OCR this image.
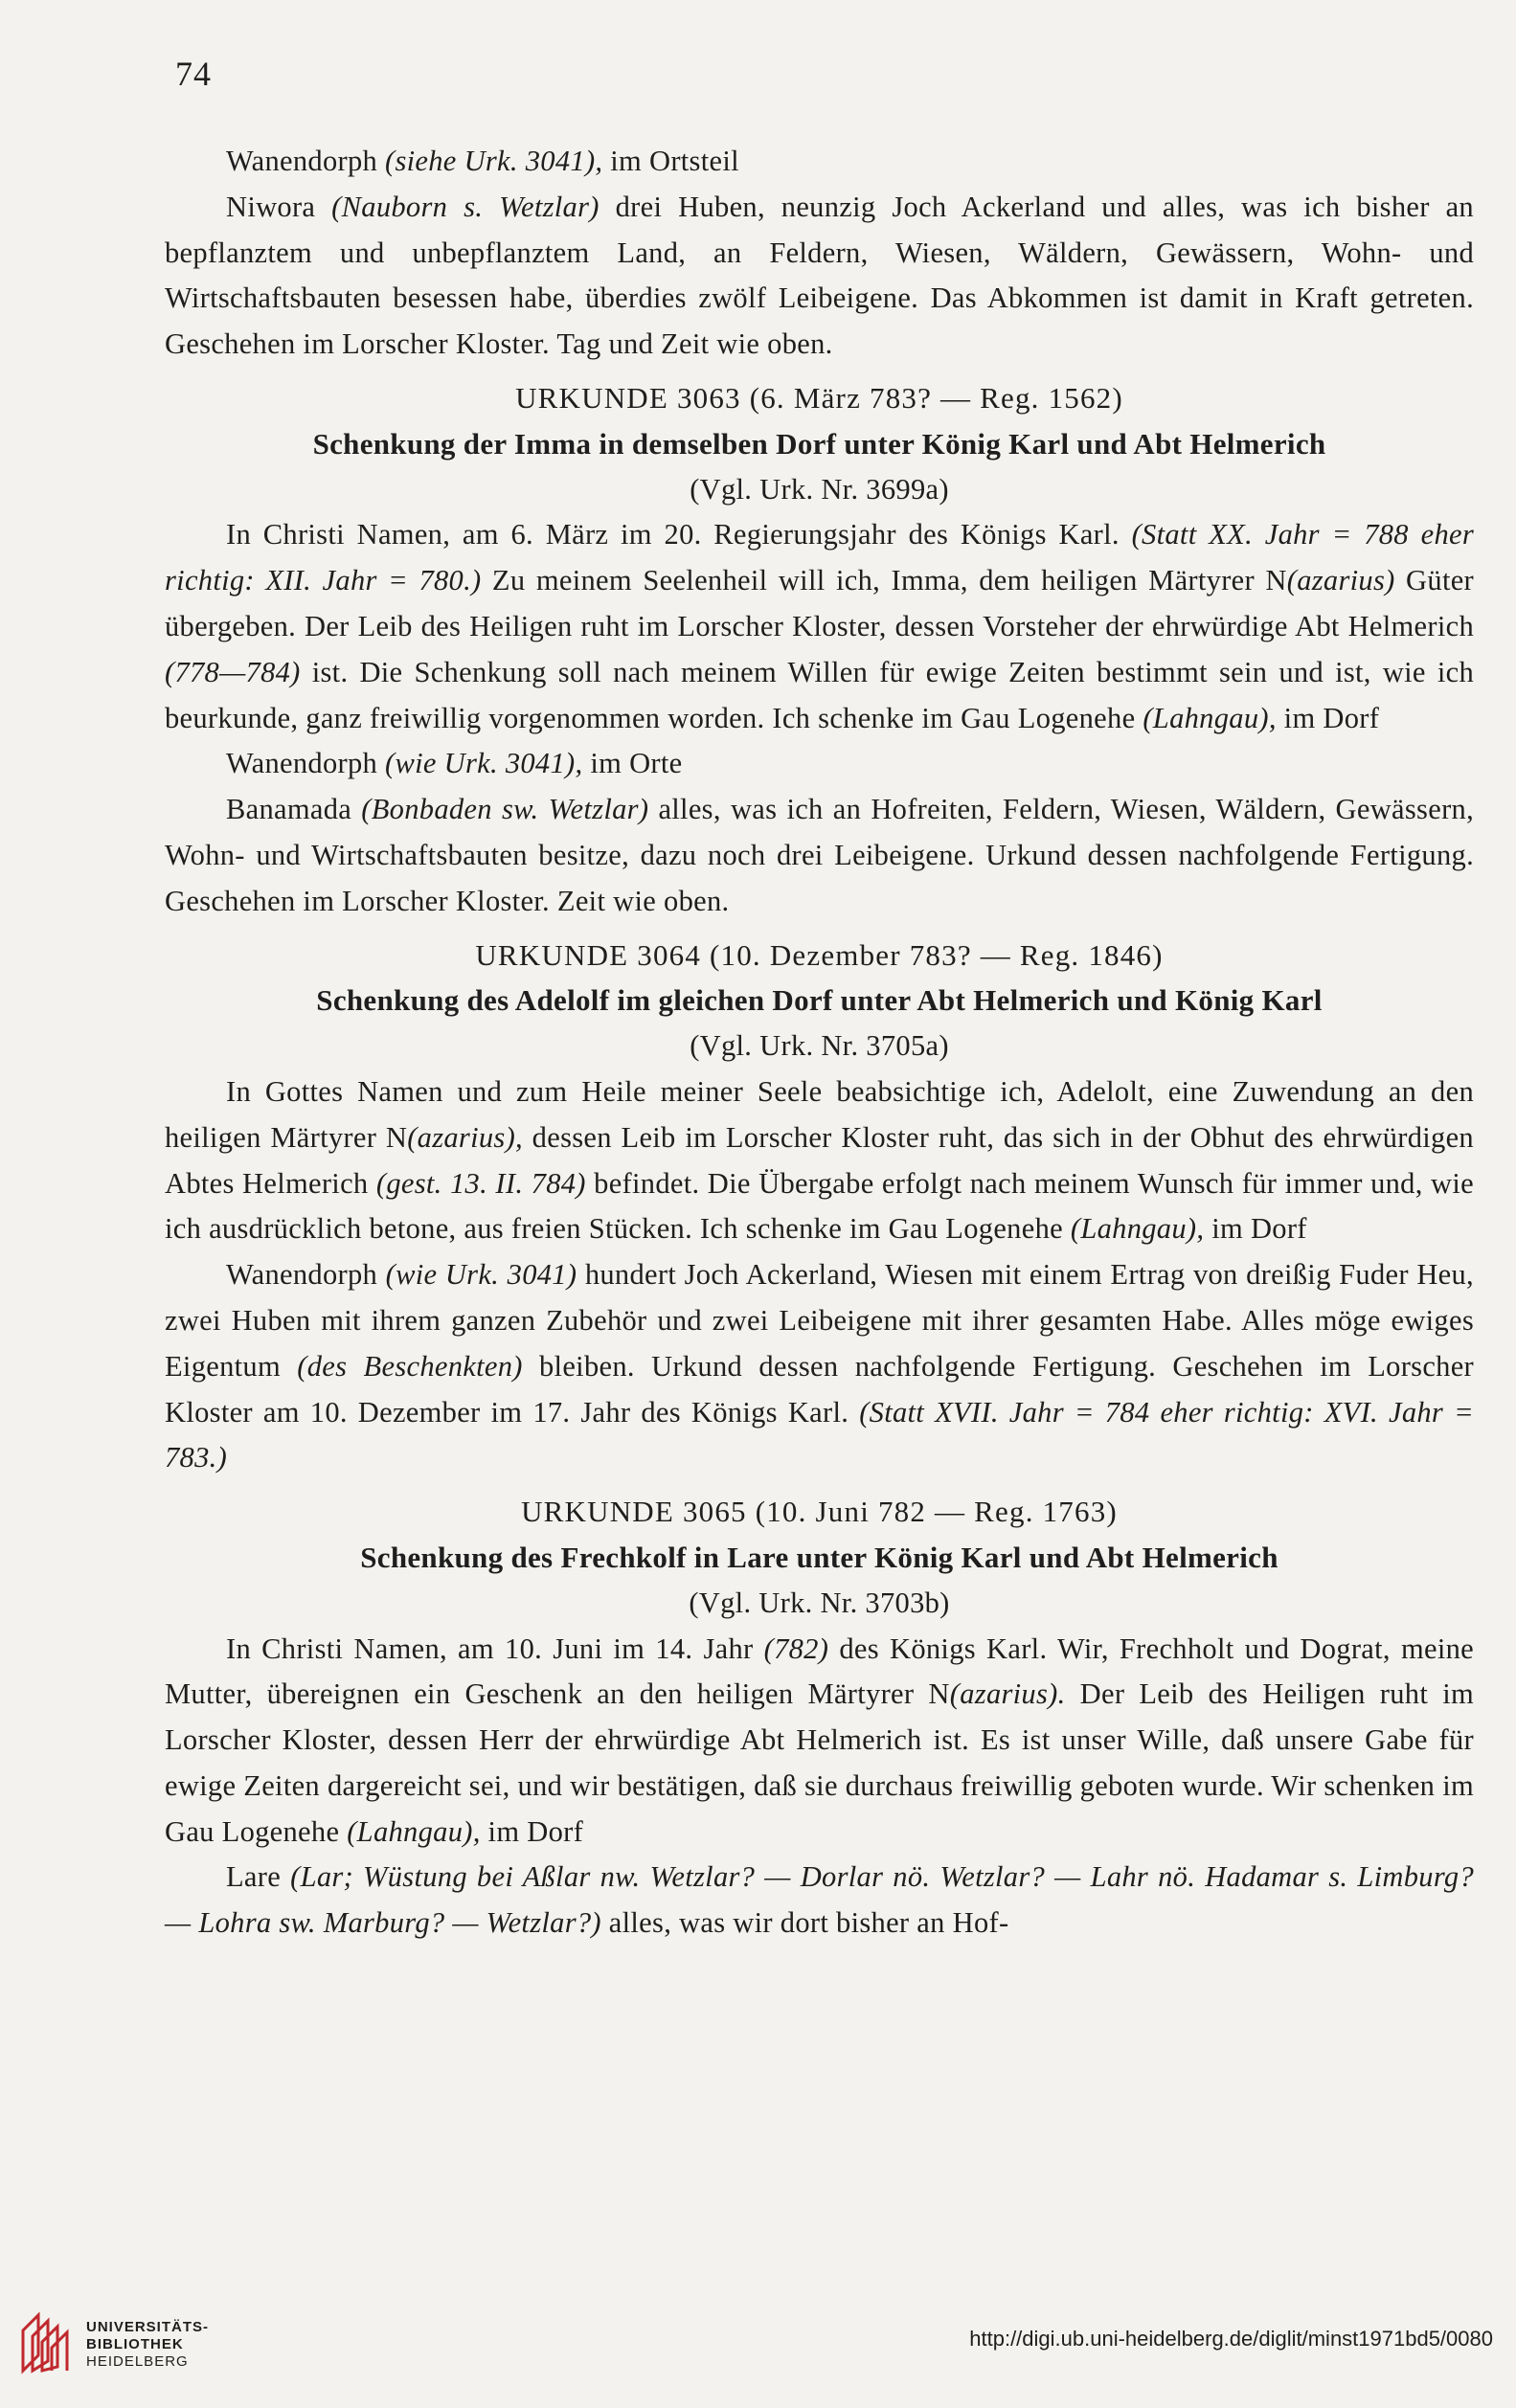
74

Wanendorph (siehe Urk. 3041), im Ortsteil

Niwora (Nauborn s. Wetzlar) drei Huben, neunzig Joch Ackerland und alles, was ich bisher an bepflanztem und unbepflanztem Land, an Feldern, Wiesen, Wäldern, Gewässern, Wohn- und Wirtschaftsbauten besessen habe, überdies zwölf Leibeigene. Das Abkommen ist damit in Kraft getreten. Geschehen im Lorscher Kloster. Tag und Zeit wie oben.

URKUNDE 3063 (6. März 783? — Reg. 1562)

Schenkung der Imma in demselben Dorf unter König Karl und Abt Helmerich

(Vgl. Urk. Nr. 3699a)

In Christi Namen, am 6. März im 20. Regierungsjahr des Königs Karl. (Statt XX. Jahr = 788 eher richtig: XII. Jahr = 780.) Zu meinem Seelenheil will ich, Imma, dem heiligen Märtyrer N(azarius) Güter übergeben. Der Leib des Heiligen ruht im Lorscher Kloster, dessen Vorsteher der ehrwürdige Abt Helmerich (778—784) ist. Die Schenkung soll nach meinem Willen für ewige Zeiten bestimmt sein und ist, wie ich beurkunde, ganz freiwillig vorgenommen worden. Ich schenke im Gau Logenehe (Lahngau), im Dorf

Wanendorph (wie Urk. 3041), im Orte

Banamada (Bonbaden sw. Wetzlar) alles, was ich an Hofreiten, Feldern, Wiesen, Wäldern, Gewässern, Wohn- und Wirtschaftsbauten besitze, dazu noch drei Leibeigene. Urkund dessen nachfolgende Fertigung. Geschehen im Lorscher Kloster. Zeit wie oben.

URKUNDE 3064 (10. Dezember 783? — Reg. 1846)

Schenkung des Adelolf im gleichen Dorf unter Abt Helmerich und König Karl

(Vgl. Urk. Nr. 3705a)

In Gottes Namen und zum Heile meiner Seele beabsichtige ich, Adelolt, eine Zuwendung an den heiligen Märtyrer N(azarius), dessen Leib im Lorscher Kloster ruht, das sich in der Obhut des ehrwürdigen Abtes Helmerich (gest. 13. II. 784) befindet. Die Übergabe erfolgt nach meinem Wunsch für immer und, wie ich ausdrücklich betone, aus freien Stücken. Ich schenke im Gau Logenehe (Lahngau), im Dorf

Wanendorph (wie Urk. 3041) hundert Joch Ackerland, Wiesen mit einem Ertrag von dreißig Fuder Heu, zwei Huben mit ihrem ganzen Zubehör und zwei Leibeigene mit ihrer gesamten Habe. Alles möge ewiges Eigentum (des Beschenkten) bleiben. Urkund dessen nachfolgende Fertigung. Geschehen im Lorscher Kloster am 10. Dezember im 17. Jahr des Königs Karl. (Statt XVII. Jahr = 784 eher richtig: XVI. Jahr = 783.)

URKUNDE 3065 (10. Juni 782 — Reg. 1763)

Schenkung des Frechkolf in Lare unter König Karl und Abt Helmerich

(Vgl. Urk. Nr. 3703b)

In Christi Namen, am 10. Juni im 14. Jahr (782) des Königs Karl. Wir, Frechholt und Dograt, meine Mutter, übereignen ein Geschenk an den heiligen Märtyrer N(azarius). Der Leib des Heiligen ruht im Lorscher Kloster, dessen Herr der ehrwürdige Abt Helmerich ist. Es ist unser Wille, daß unsere Gabe für ewige Zeiten dargereicht sei, und wir bestätigen, daß sie durchaus freiwillig geboten wurde. Wir schenken im Gau Logenehe (Lahngau), im Dorf

Lare (Lar; Wüstung bei Aßlar nw. Wetzlar? — Dorlar nö. Wetzlar? — Lahr nö. Hadamar s. Limburg? — Lohra sw. Marburg? — Wetzlar?) alles, was wir dort bisher an Hof-

UNIVERSITÄTS-
BIBLIOTHEK
HEIDELBERG
http://digi.ub.uni-heidelberg.de/diglit/minst1971bd5/0080
